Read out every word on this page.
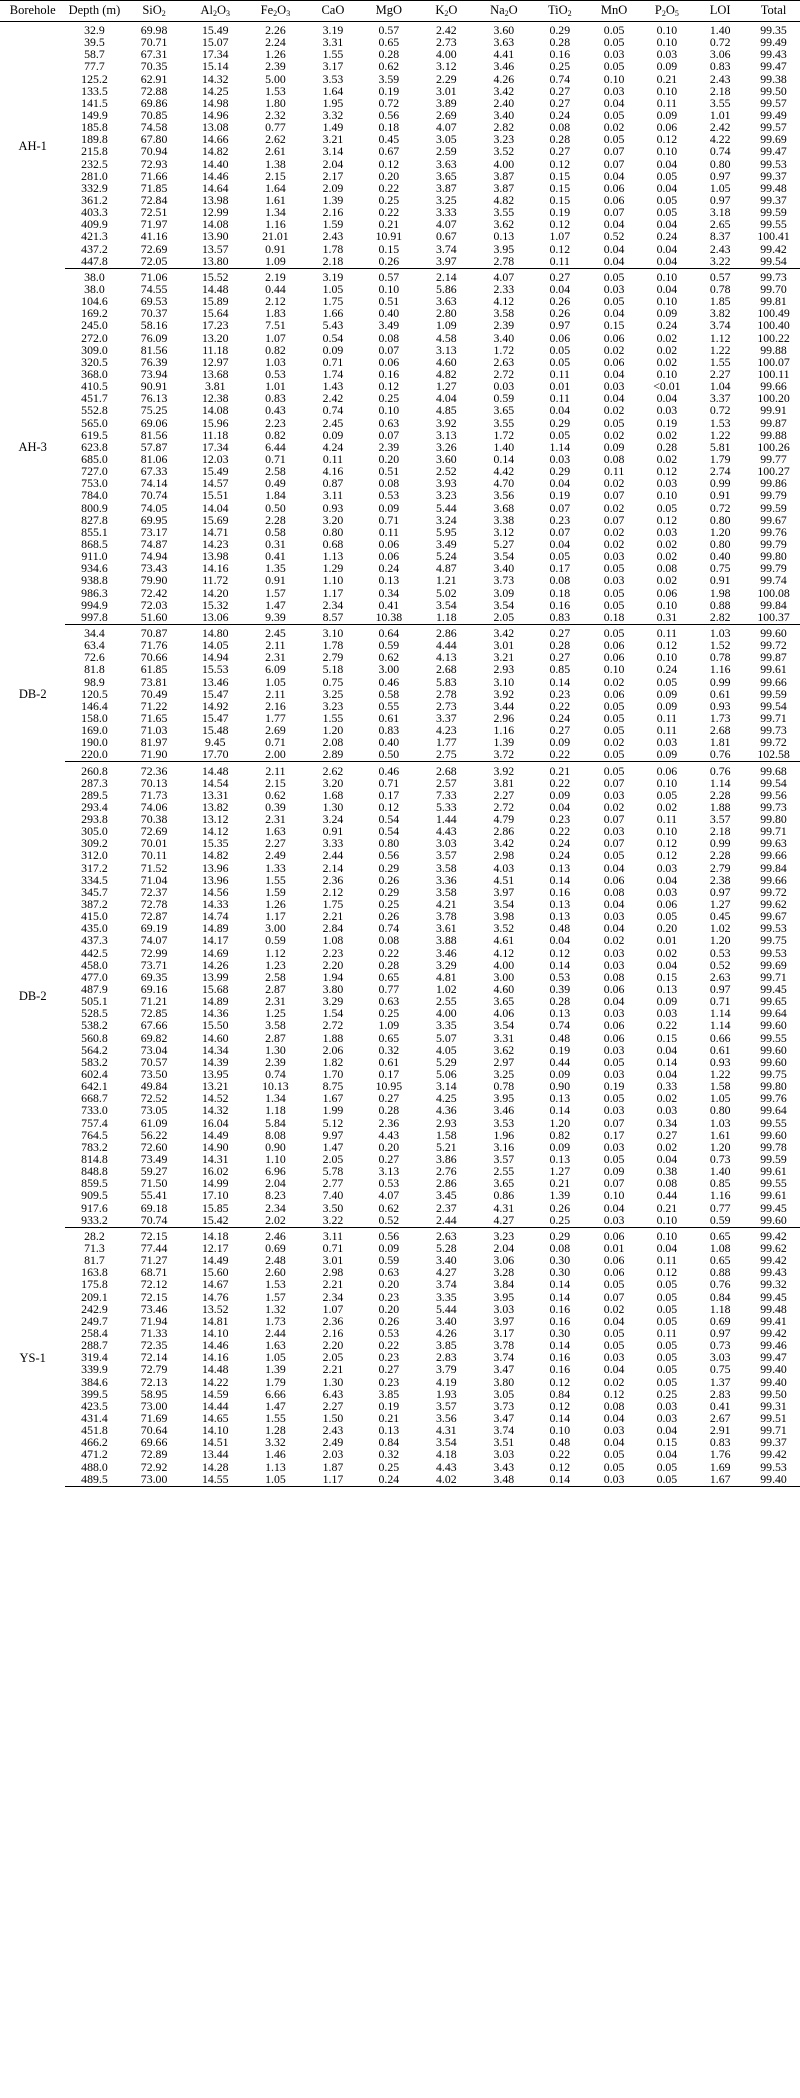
Borehole	Depth (m)	SiO$_2$	$Al_2O_3$	$Fe_2O_3$	CaO	MgO	$K_2O$	$Na_2O$	TiO$_2$	MnO	$P_2O_5$	LOI	Total
AH-1	32.9	69.98	15.49	2.26	3.19	0.57	2.42	3.60	0.29	0.05	0.10	1.40	99.35
	39.5	70.71	15.07	2.24	3.31	0.65	2.73	3.63	0.28	0.05	0.10	0.72	99.49
	58.7	67.31	17.34	1.26	1.55	0.28	4.00	4.41	0.16	0.03	0.03	3.06	99.43
	77.7	70.35	15.14	2.39	3.17	0.62	3.12	3.46	0.25	0.05	0.09	0.83	99.47
	125.2	62.91	14.32	5.00	3.53	3.59	2.29	4.26	0.74	0.10	0.21	2.43	99.38
	133.5	72.88	14.25	1.53	1.64	0.19	3.01	3.42	0.27	0.03	0.10	2.18	99.50
	141.5	69.86	14.98	1.80	1.95	0.72	3.89	2.40	0.27	0.04	0.11	3.55	99.57
	149.9	70.85	14.96	2.32	3.32	0.56	2.69	3.40	0.24	0.05	0.09	1.01	99.49
	185.8	74.58	13.08	0.77	1.49	0.18	4.07	2.82	0.08	0.02	0.06	2.42	99.57
	189.8	67.80	14.66	2.62	3.21	0.45	3.05	3.23	0.28	0.05	0.12	4.22	99.69
	215.8	70.94	14.82	2.61	3.14	0.67	2.59	3.52	0.27	0.07	0.10	0.74	99.47
	232.5	72.93	14.40	1.38	2.04	0.12	3.63	4.00	0.12	0.07	0.04	0.80	99.53
	281.0	71.66	14.46	2.15	2.17	0.20	3.65	3.87	0.15	0.04	0.05	0.97	99.37
	332.9	71.85	14.64	1.64	2.09	0.22	3.87	3.87	0.15	0.06	0.04	1.05	99.48
	361.2	72.84	13.98	1.61	1.39	0.25	3.25	4.82	0.15	0.06	0.05	0.97	99.37
	403.3	72.51	12.99	1.34	2.16	0.22	3.33	3.55	0.19	0.07	0.05	3.18	99.59
	409.9	71.97	14.08	1.16	1.59	0.21	4.07	3.62	0.12	0.04	0.04	2.65	99.55
	421.3	41.16	13.90	21.01	2.43	10.91	0.67	0.13	1.07	0.52	0.24	8.37	100.41
	437.2	72.69	13.57	0.91	1.78	0.15	3.74	3.95	0.12	0.04	0.04	2.43	99.42
	447.8	72.05	13.80	1.09	2.18	0.26	3.97	2.78	0.11	0.04	0.04	3.22	99.54
AH-3	38.0	71.06	15.52	2.19	3.19	0.57	2.14	4.07	0.27	0.05	0.10	0.57	99.73
	38.0	74.55	14.48	0.44	1.05	0.10	5.86	2.33	0.04	0.03	0.04	0.78	99.70
	104.6	69.53	15.89	2.12	1.75	0.51	3.63	4.12	0.26	0.05	0.10	1.85	99.81
	169.2	70.37	15.64	1.83	1.66	0.40	2.80	3.58	0.26	0.04	0.09	3.82	100.49
	245.0	58.16	17.23	7.51	5.43	3.49	1.09	2.39	0.97	0.15	0.24	3.74	100.40
	272.0	76.09	13.20	1.07	0.54	0.08	4.58	3.40	0.06	0.06	0.02	1.12	100.22
	309.0	81.56	11.18	0.82	0.09	0.07	3.13	1.72	0.05	0.02	0.02	1.22	99.88
	320.5	76.39	12.97	1.03	0.71	0.06	4.60	2.63	0.05	0.06	0.02	1.55	100.07
	368.0	73.94	13.68	0.53	1.74	0.16	4.82	2.72	0.11	0.04	0.10	2.27	100.11
	410.5	90.91	3.81	1.01	1.43	0.12	1.27	0.03	0.01	0.03	<0.01	1.04	99.66
	451.7	76.13	12.38	0.83	2.42	0.25	4.04	0.59	0.11	0.04	0.04	3.37	100.20
	552.8	75.25	14.08	0.43	0.74	0.10	4.85	3.65	0.04	0.02	0.03	0.72	99.91
	565.0	69.06	15.96	2.23	2.45	0.63	3.92	3.55	0.29	0.05	0.19	1.53	99.87
	619.5	81.56	11.18	0.82	0.09	0.07	3.13	1.72	0.05	0.02	0.02	1.22	99.88
	623.8	57.87	17.34	6.44	4.24	2.39	3.26	1.40	1.14	0.09	0.28	5.81	100.26
	685.0	81.06	12.03	0.71	0.11	0.20	3.60	0.14	0.03	0.08	0.02	1.79	99.77
	727.0	67.33	15.49	2.58	4.16	0.51	2.52	4.42	0.29	0.11	0.12	2.74	100.27
	753.0	74.14	14.57	0.49	0.87	0.08	3.93	4.70	0.04	0.02	0.03	0.99	99.86
	784.0	70.74	15.51	1.84	3.11	0.53	3.23	3.56	0.19	0.07	0.10	0.91	99.79
	800.9	74.05	14.04	0.50	0.93	0.09	5.44	3.68	0.07	0.02	0.05	0.72	99.59
	827.8	69.95	15.69	2.28	3.20	0.71	3.24	3.38	0.23	0.07	0.12	0.80	99.67
	855.1	73.17	14.71	0.58	0.80	0.11	5.95	3.12	0.07	0.02	0.03	1.20	99.76
	868.5	74.87	14.23	0.31	0.68	0.06	3.49	5.27	0.04	0.02	0.02	0.80	99.79
	911.0	74.94	13.98	0.41	1.13	0.06	5.24	3.54	0.05	0.03	0.02	0.40	99.80
	934.6	73.43	14.16	1.35	1.29	0.24	4.87	3.40	0.17	0.05	0.08	0.75	99.79
	938.8	79.90	11.72	0.91	1.10	0.13	1.21	3.73	0.08	0.03	0.02	0.91	99.74
	986.3	72.42	14.20	1.57	1.17	0.34	5.02	3.09	0.18	0.05	0.06	1.98	100.08
	994.9	72.03	15.32	1.47	2.34	0.41	3.54	3.54	0.16	0.05	0.10	0.88	99.84
	997.8	51.60	13.06	9.39	8.57	10.38	1.18	2.05	0.83	0.18	0.31	2.82	100.37
DB-2	34.4	70.87	14.80	2.45	3.10	0.64	2.86	3.42	0.27	0.05	0.11	1.03	99.60
	63.4	71.76	14.05	2.11	1.78	0.59	4.44	3.01	0.28	0.06	0.12	1.52	99.72
	72.6	70.66	14.94	2.31	2.79	0.62	4.13	3.21	0.27	0.06	0.10	0.78	99.87
	81.8	61.85	15.53	6.09	5.18	3.00	2.68	2.93	0.85	0.10	0.24	1.16	99.61
	98.9	73.81	13.46	1.05	0.75	0.46	5.83	3.10	0.14	0.02	0.05	0.99	99.66
	120.5	70.49	15.47	2.11	3.25	0.58	2.78	3.92	0.23	0.06	0.09	0.61	99.59
	146.4	71.22	14.92	2.16	3.23	0.55	2.73	3.44	0.22	0.05	0.09	0.93	99.54
	158.0	71.65	15.47	1.77	1.55	0.61	3.37	2.96	0.24	0.05	0.11	1.73	99.71
	169.0	71.03	15.48	2.69	1.20	0.83	4.23	1.16	0.27	0.05	0.11	2.68	99.73
	190.0	81.97	9.45	0.71	2.08	0.40	1.77	1.39	0.09	0.02	0.03	1.81	99.72
	220.0	71.90	17.70	2.00	2.89	0.50	2.75	3.72	0.22	0.05	0.09	0.76	102.58
DB-2	260.8	72.36	14.48	2.11	2.62	0.46	2.68	3.92	0.21	0.05	0.06	0.76	99.68
	287.3	70.13	14.54	2.15	3.20	0.71	2.57	3.81	0.22	0.07	0.10	1.14	99.54
	289.5	71.73	13.31	0.62	1.68	0.17	7.33	2.27	0.09	0.03	0.05	2.28	99.56
	293.4	74.06	13.82	0.39	1.30	0.12	5.33	2.72	0.04	0.02	0.02	1.88	99.73
	293.8	70.38	13.12	2.31	3.24	0.54	1.44	4.79	0.23	0.07	0.11	3.57	99.80
	305.0	72.69	14.12	1.63	0.91	0.54	4.43	2.86	0.22	0.03	0.10	2.18	99.71
	309.2	70.01	15.35	2.27	3.33	0.80	3.03	3.42	0.24	0.07	0.12	0.99	99.63
	312.0	70.11	14.82	2.49	2.44	0.56	3.57	2.98	0.24	0.05	0.12	2.28	99.66
	317.2	71.52	13.96	1.33	2.14	0.29	3.58	4.03	0.13	0.04	0.03	2.79	99.84
	334.5	71.04	13.96	1.55	2.36	0.26	3.36	4.51	0.14	0.06	0.04	2.38	99.66
	345.7	72.37	14.56	1.59	2.12	0.29	3.58	3.97	0.16	0.08	0.03	0.97	99.72
	387.2	72.78	14.33	1.26	1.75	0.25	4.21	3.54	0.13	0.04	0.06	1.27	99.62
	415.0	72.87	14.74	1.17	2.21	0.26	3.78	3.98	0.13	0.03	0.05	0.45	99.67
	435.0	69.19	14.89	3.00	2.84	0.74	3.61	3.52	0.48	0.04	0.20	1.02	99.53
	437.3	74.07	14.17	0.59	1.08	0.08	3.88	4.61	0.04	0.02	0.01	1.20	99.75
	442.5	72.99	14.69	1.12	2.23	0.22	3.46	4.12	0.12	0.03	0.02	0.53	99.53
	458.0	73.71	14.26	1.23	2.20	0.28	3.29	4.00	0.14	0.03	0.04	0.52	99.69
	477.0	69.35	13.99	2.58	1.94	0.65	4.81	3.00	0.53	0.08	0.15	2.63	99.71
	487.9	69.16	15.68	2.87	3.80	0.77	1.02	4.60	0.39	0.06	0.13	0.97	99.45
	505.1	71.21	14.89	2.31	3.29	0.63	2.55	3.65	0.28	0.04	0.09	0.71	99.65
	528.5	72.85	14.36	1.25	1.54	0.25	4.00	4.06	0.13	0.03	0.03	1.14	99.64
	538.2	67.66	15.50	3.58	2.72	1.09	3.35	3.54	0.74	0.06	0.22	1.14	99.60
	560.8	69.82	14.60	2.87	1.88	0.65	5.07	3.31	0.48	0.06	0.15	0.66	99.55
	564.2	73.04	14.34	1.30	2.06	0.32	4.05	3.62	0.19	0.03	0.04	0.61	99.60
	583.2	70.57	14.39	2.39	1.82	0.61	5.29	2.97	0.44	0.05	0.14	0.93	99.60
	602.4	73.50	13.95	0.74	1.70	0.17	5.06	3.25	0.09	0.03	0.04	1.22	99.75
	642.1	49.84	13.21	10.13	8.75	10.95	3.14	0.78	0.90	0.19	0.33	1.58	99.80
	668.7	72.52	14.52	1.34	1.67	0.27	4.25	3.95	0.13	0.05	0.02	1.05	99.76
	733.0	73.05	14.32	1.18	1.99	0.28	4.36	3.46	0.14	0.03	0.03	0.80	99.64
	757.4	61.09	16.04	5.84	5.12	2.36	2.93	3.53	1.20	0.07	0.34	1.03	99.55
	764.5	56.22	14.49	8.08	9.97	4.43	1.58	1.96	0.82	0.17	0.27	1.61	99.60
	783.2	72.60	14.90	0.90	1.47	0.20	5.21	3.16	0.09	0.03	0.02	1.20	99.78
	814.8	73.49	14.31	1.10	2.05	0.27	3.86	3.57	0.13	0.05	0.04	0.73	99.59
	848.8	59.27	16.02	6.96	5.78	3.13	2.76	2.55	1.27	0.09	0.38	1.40	99.61
	859.5	71.50	14.99	2.04	2.77	0.53	2.86	3.65	0.21	0.07	0.08	0.85	99.55
	909.5	55.41	17.10	8.23	7.40	4.07	3.45	0.86	1.39	0.10	0.44	1.16	99.61
	917.6	69.18	15.85	2.34	3.50	0.62	2.37	4.31	0.26	0.04	0.21	0.77	99.45
	933.2	70.74	15.42	2.02	3.22	0.52	2.44	4.27	0.25	0.03	0.10	0.59	99.60
YS-1	28.2	72.15	14.18	2.46	3.11	0.56	2.63	3.23	0.29	0.06	0.10	0.65	99.42
	71.3	77.44	12.17	0.69	0.71	0.09	5.28	2.04	0.08	0.01	0.04	1.08	99.62
	81.7	71.27	14.49	2.48	3.01	0.59	3.40	3.06	0.30	0.06	0.11	0.65	99.42
	163.8	68.71	15.60	2.60	2.98	0.63	4.27	3.28	0.30	0.06	0.12	0.88	99.43
	175.8	72.12	14.67	1.53	2.21	0.20	3.74	3.84	0.14	0.05	0.05	0.76	99.32
	209.1	72.15	14.76	1.57	2.34	0.23	3.35	3.95	0.14	0.07	0.05	0.84	99.45
	242.9	73.46	13.52	1.32	1.07	0.20	5.44	3.03	0.16	0.02	0.05	1.18	99.48
	249.7	71.94	14.81	1.73	2.36	0.26	3.40	3.97	0.16	0.04	0.05	0.69	99.41
	258.4	71.33	14.10	2.44	2.16	0.53	4.26	3.17	0.30	0.05	0.11	0.97	99.42
	288.7	72.35	14.46	1.63	2.20	0.22	3.85	3.78	0.14	0.05	0.05	0.73	99.46
	319.4	72.14	14.16	1.05	2.05	0.23	2.83	3.74	0.16	0.03	0.05	3.03	99.47
	339.9	72.79	14.48	1.39	2.21	0.27	3.79	3.47	0.16	0.04	0.05	0.75	99.40
	384.6	72.13	14.22	1.79	1.30	0.23	4.19	3.80	0.12	0.02	0.05	1.37	99.40
	399.5	58.95	14.59	6.66	6.43	3.85	1.93	3.05	0.84	0.12	0.25	2.83	99.50
	423.5	73.00	14.44	1.47	2.27	0.19	3.57	3.73	0.12	0.08	0.03	0.41	99.31
	431.4	71.69	14.65	1.55	1.50	0.21	3.56	3.47	0.14	0.04	0.03	2.67	99.51
	451.8	70.64	14.10	1.28	2.43	0.13	4.31	3.74	0.10	0.03	0.04	2.91	99.71
	466.2	69.66	14.51	3.32	2.49	0.84	3.54	3.51	0.48	0.04	0.15	0.83	99.37
	471.2	72.89	13.44	1.46	2.03	0.32	4.18	3.03	0.22	0.05	0.04	1.76	99.42
	488.0	72.92	14.28	1.13	1.87	0.25	4.43	3.43	0.12	0.05	0.05	1.69	99.53
	489.5	73.00	14.55	1.05	1.17	0.24	4.02	3.48	0.14	0.03	0.05	1.67	99.40
